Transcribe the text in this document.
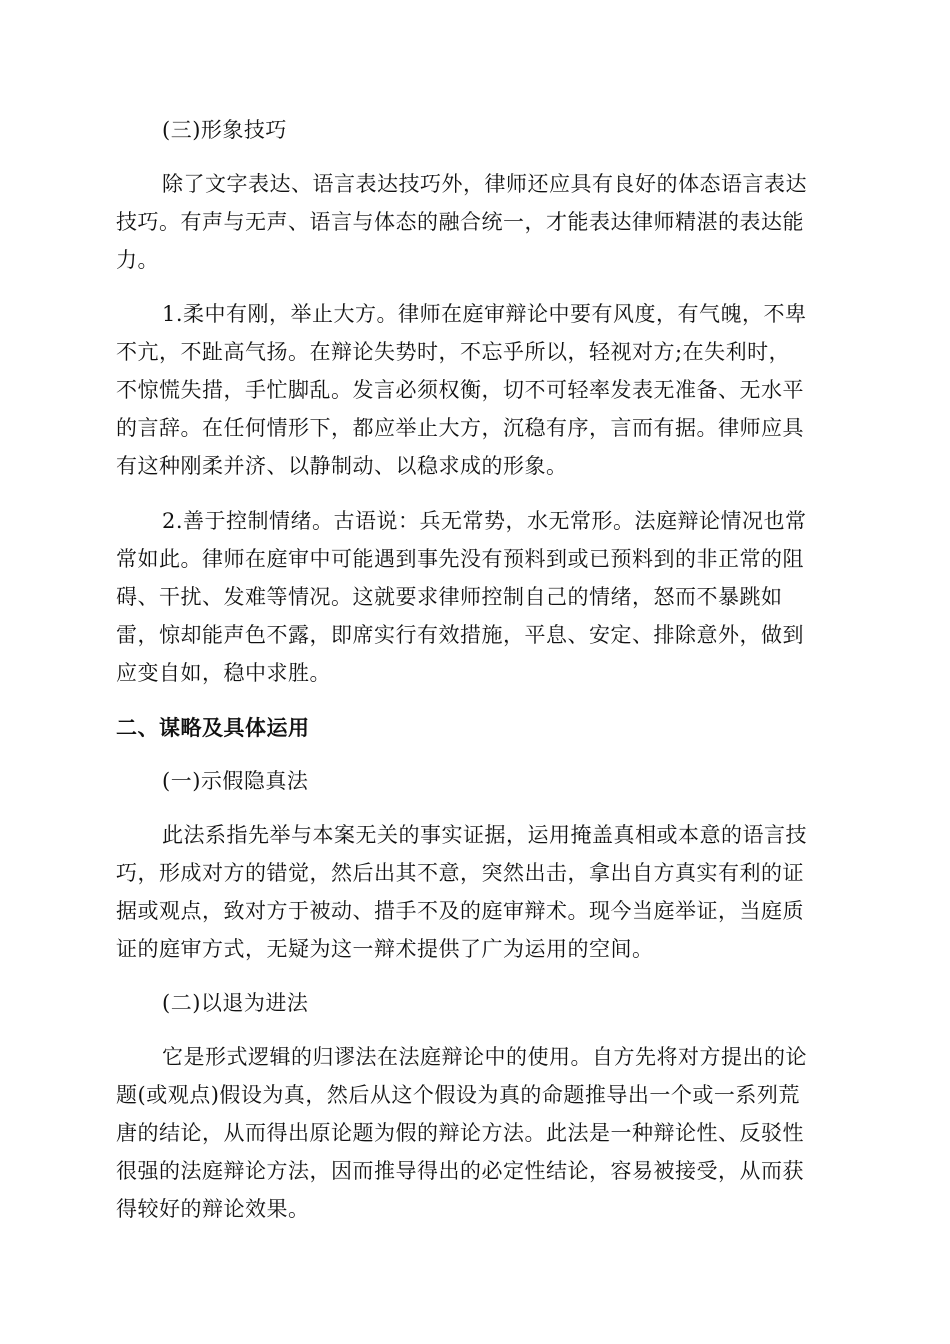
(三)形象技巧
除了文字表达、语言表达技巧外，律师还应具有良好的体态语言表达
技巧。有声与无声、语言与体态的融合统一，才能表达律师精湛的表达能
力。
1.柔中有刚，举止大方。律师在庭审辩论中要有风度，有气魄，不卑
不亢，不趾高气扬。在辩论失势时，不忘乎所以，轻视对方;在失利时，
不惊慌失措，手忙脚乱。发言必须权衡，切不可轻率发表无准备、无水平
的言辞。在任何情形下，都应举止大方，沉稳有序，言而有据。律师应具
有这种刚柔并济、以静制动、以稳求成的形象。
2.善于控制情绪。古语说：兵无常势，水无常形。法庭辩论情况也常
常如此。律师在庭审中可能遇到事先没有预料到或已预料到的非正常的阻
碍、干扰、发难等情况。这就要求律师控制自己的情绪，怒而不暴跳如
雷，惊却能声色不露，即席实行有效措施，平息、安定、排除意外，做到
应变自如，稳中求胜。
二、谋略及具体运用
(一)示假隐真法
此法系指先举与本案无关的事实证据，运用掩盖真相或本意的语言技
巧，形成对方的错觉，然后出其不意，突然出击，拿出自方真实有利的证
据或观点，致对方于被动、措手不及的庭审辩术。现今当庭举证，当庭质
证的庭审方式，无疑为这一辩术提供了广为运用的空间。
(二)以退为进法
它是形式逻辑的归谬法在法庭辩论中的使用。自方先将对方提出的论
题(或观点)假设为真，然后从这个假设为真的命题推导出一个或一系列荒
唐的结论，从而得出原论题为假的辩论方法。此法是一种辩论性、反驳性
很强的法庭辩论方法，因而推导得出的必定性结论，容易被接受，从而获
得较好的辩论效果。
